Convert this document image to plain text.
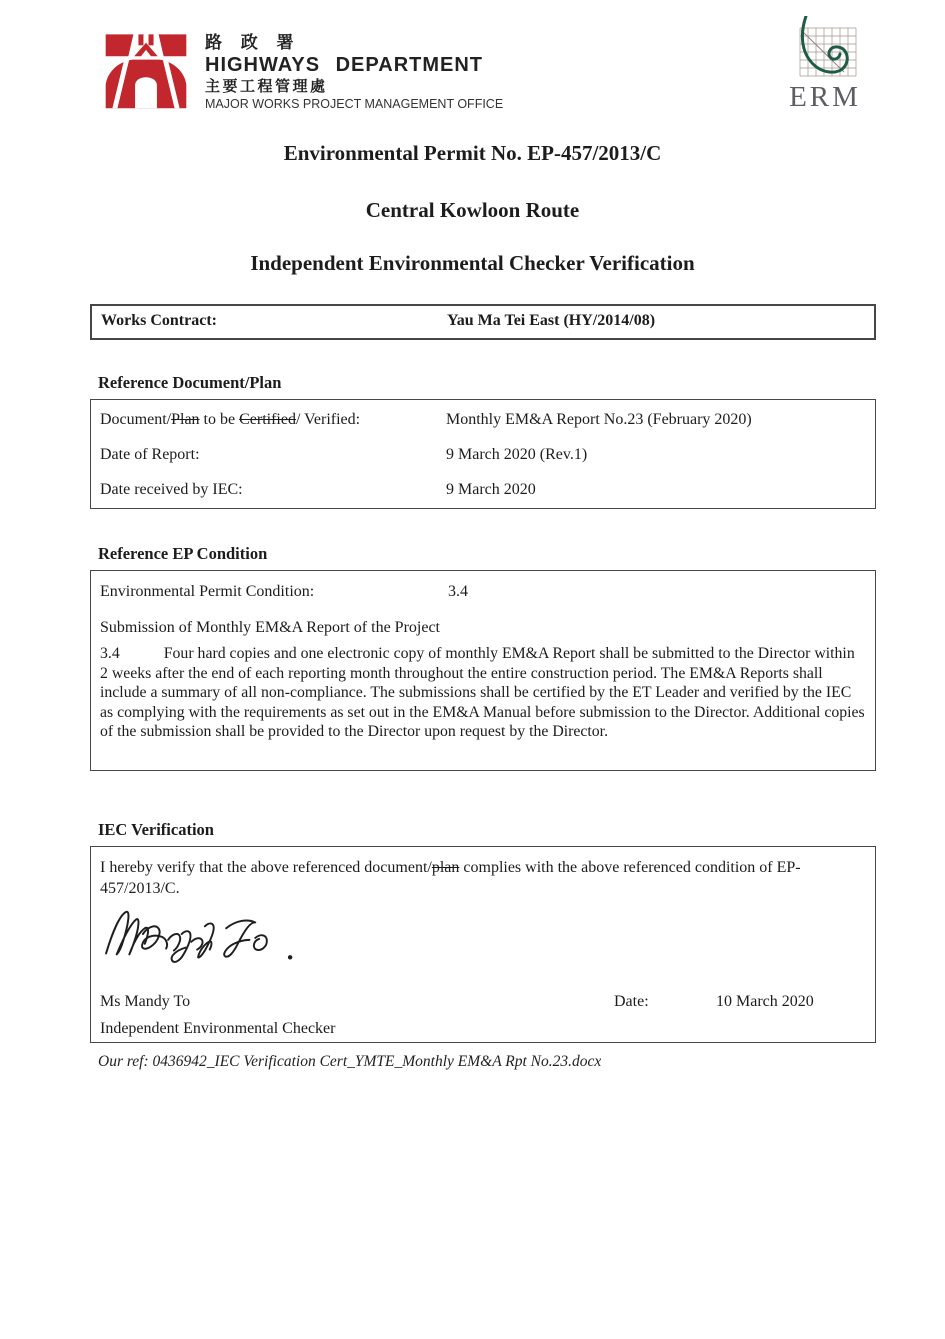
路 政 署
HIGHWAYS DEPARTMENT
主要工程管理處
MAJOR WORKS PROJECT MANAGEMENT OFFICE	ERM
Environmental Permit No. EP-457/2013/C
Central Kowloon Route
Independent Environmental Checker Verification
Works Contract:	Yau Ma Tei East (HY/2014/08)
Reference Document/Plan
Document/Plan to be Certified/ Verified:	Monthly EM&A Report No.23 (February 2020)
Date of Report:	9 March 2020 (Rev.1)
Date received by IEC:	9 March 2020
Reference EP Condition
Environmental Permit Condition:	3.4
Submission of Monthly EM&A Report of the Project
3.4	Four hard copies and one electronic copy of monthly EM&A Report shall be submitted to the Director within 2 weeks after the end of each reporting month throughout the entire construction period. The EM&A Reports shall include a summary of all non-compliance. The submissions shall be certified by the ET Leader and verified by the IEC as complying with the requirements as set out in the EM&A Manual before submission to the Director. Additional copies of the submission shall be provided to the Director upon request by the Director.
IEC Verification
I hereby verify that the above referenced document/plan complies with the above referenced condition of EP-457/2013/C.
Ms Mandy To	Date:	10 March 2020
Independent Environmental Checker
Our ref: 0436942_IEC Verification Cert_YMTE_Monthly EM&A Rpt No.23.docx
